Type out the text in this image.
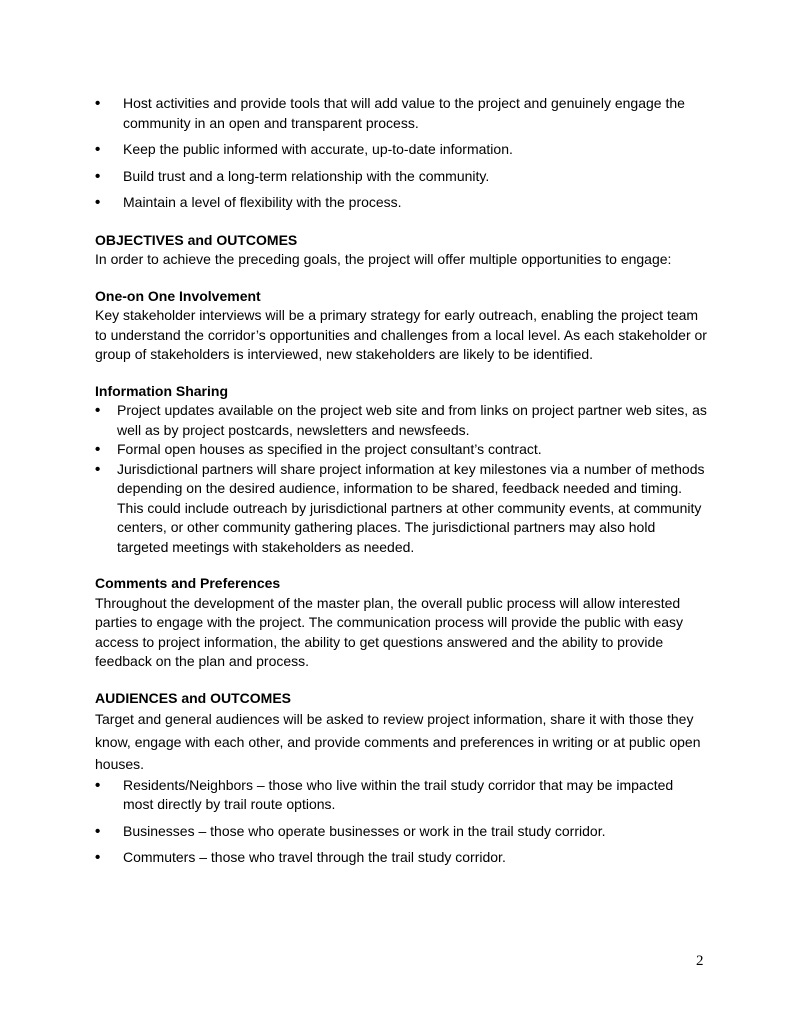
• Host activities and provide tools that will add value to the project and genuinely engage the community in an open and transparent process.
• Keep the public informed with accurate, up-to-date information.
• Build trust and a long-term relationship with the community.
• Maintain a level of flexibility with the process.
OBJECTIVES and OUTCOMES

In order to achieve the preceding goals, the project will offer multiple opportunities to engage:

One-on One Involvement

Key stakeholder interviews will be a primary strategy for early outreach, enabling the project team to understand the corridor’s opportunities and challenges from a local level. As each stakeholder or group of stakeholders is interviewed, new stakeholders are likely to be identified.

Information Sharing
• Project updates available on the project web site and from links on project partner web sites, as well as by project postcards, newsletters and newsfeeds.
• Formal open houses as specified in the project consultant’s contract.
• Jurisdictional partners will share project information at key milestones via a number of methods depending on the desired audience, information to be shared, feedback needed and timing. This could include outreach by jurisdictional partners at other community events, at community centers, or other community gathering places. The jurisdictional partners may also hold targeted meetings with stakeholders as needed.
Comments and Preferences

Throughout the development of the master plan, the overall public process will allow interested parties to engage with the project. The communication process will provide the public with easy access to project information, the ability to get questions answered and the ability to provide feedback on the plan and process.

AUDIENCES and OUTCOMES

Target and general audiences will be asked to review project information, share it with those they know, engage with each other, and provide comments and preferences in writing or at public open houses.

• Residents/Neighbors – those who live within the trail study corridor that may be impacted most directly by trail route options.
• Businesses – those who operate businesses or work in the trail study corridor.
• Commuters – those who travel through the trail study corridor.
2
